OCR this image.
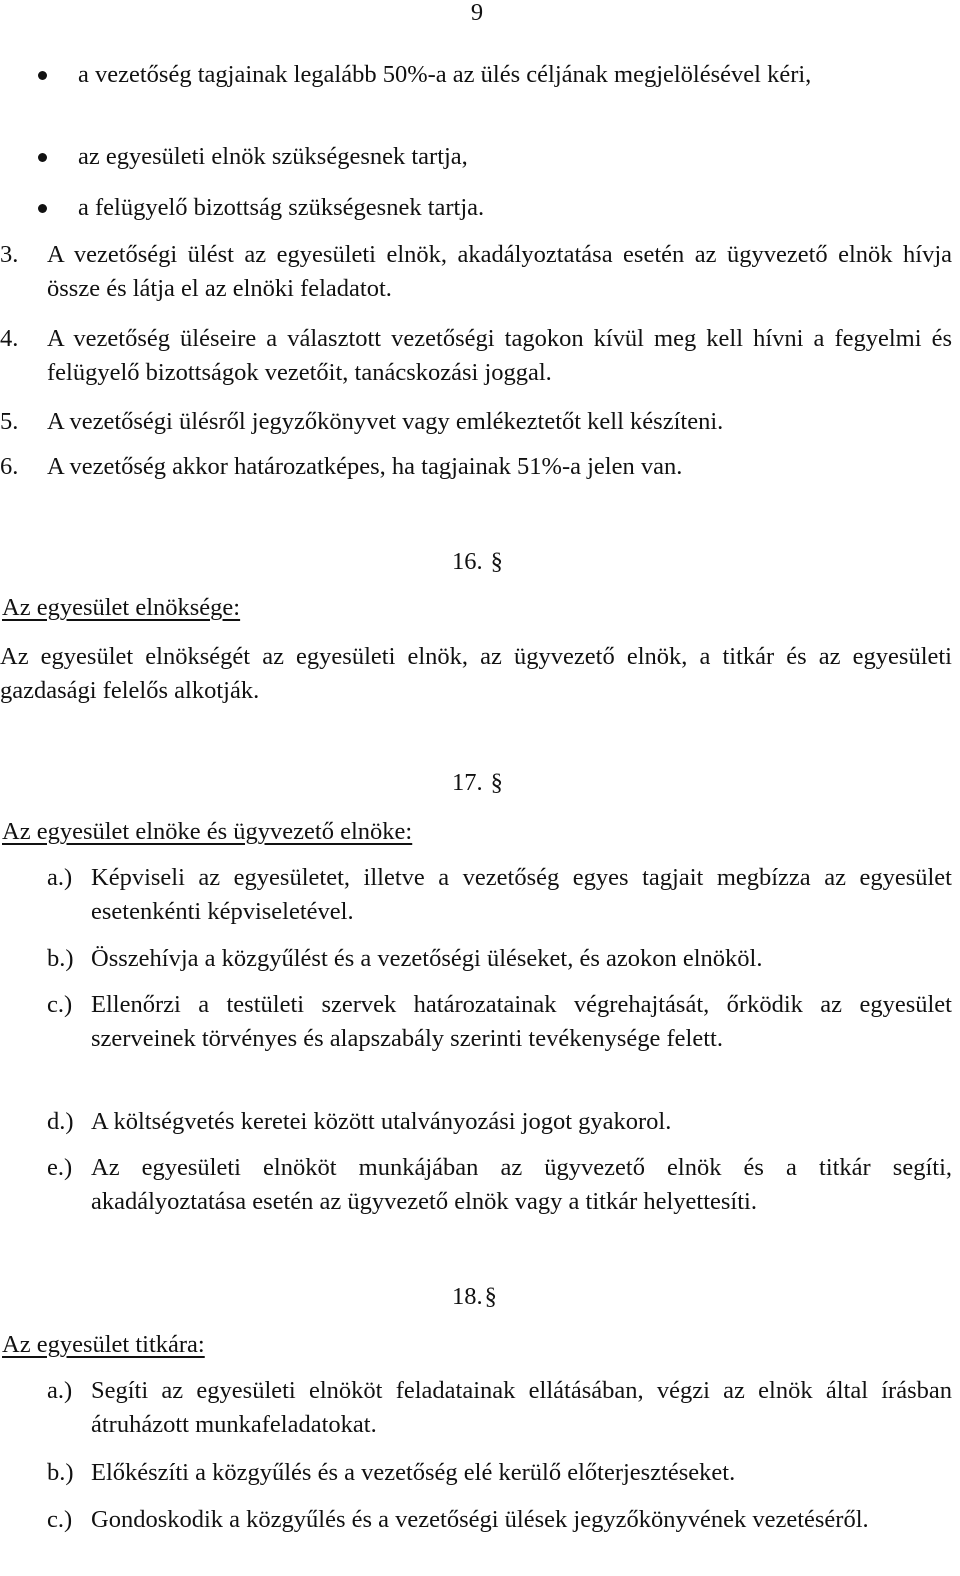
9
a vezetőség tagjainak legalább 50%-a az ülés céljának megjelölésével kéri,
az egyesületi elnök szükségesnek tartja,
a felügyelő bizottság szükségesnek tartja.
3. A vezetőségi ülést az egyesületi elnök, akadályoztatása esetén az ügyvezető elnök hívja össze és látja el az elnöki feladatot.
4. A vezetőség üléseire a választott vezetőségi tagokon kívül meg kell hívni a fegyelmi és felügyelő bizottságok vezetőit, tanácskozási joggal.
5. A vezetőségi ülésről jegyzőkönyvet vagy emlékeztetőt kell készíteni.
6. A vezetőség akkor határozatképes, ha tagjainak 51%-a jelen van.
16. §
Az egyesület elnöksége:
Az egyesület elnökségét az egyesületi elnök, az ügyvezető elnök, a titkár és az egyesületi gazdasági felelős alkotják.
17. §
Az egyesület elnöke és ügyvezető elnöke:
a.) Képviseli az egyesületet, illetve a vezetőség egyes tagjait megbízza az egyesület esetenkénti képviseletével.
b.) Összehívja a közgyűlést és a vezetőségi üléseket, és azokon elnököl.
c.) Ellenőrzi a testületi szervek határozatainak végrehajtását, őrködik az egyesület szerveinek törvényes és alapszabály szerinti tevékenysége felett.
d.) A költségvetés keretei között utalványozási jogot gyakorol.
e.) Az egyesületi elnököt munkájában az ügyvezető elnök és a titkár segíti, akadályoztatása esetén az ügyvezető elnök vagy a titkár helyettesíti.
18.§
Az egyesület titkára:
a.) Segíti az egyesületi elnököt feladatainak ellátásában, végzi az elnök által írásban átruházott munkafeladatokat.
b.) Előkészíti a közgyűlés és a vezetőség elé kerülő előterjesztéseket.
c.) Gondoskodik a közgyűlés és a vezetőségi ülések jegyzőkönyvének vezetéséről.
